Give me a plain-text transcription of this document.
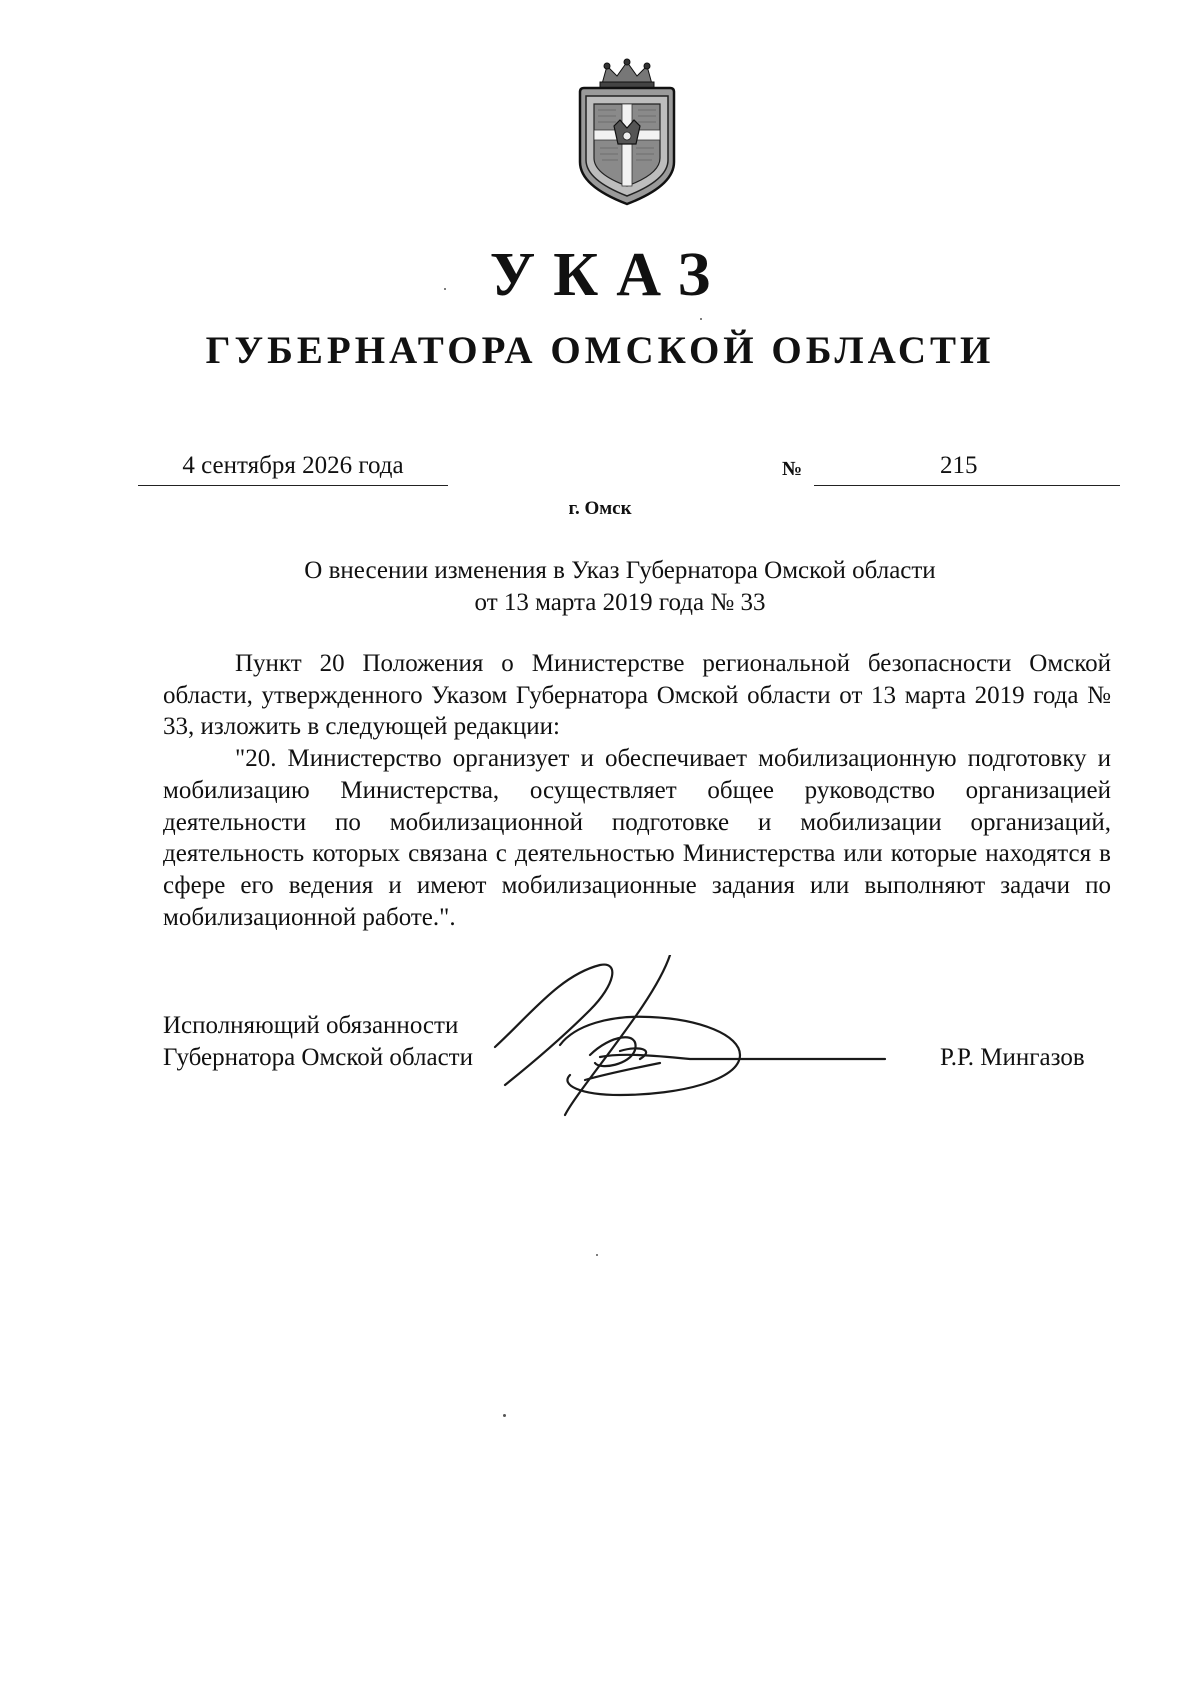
УКАЗ
ГУБЕРНАТОРА ОМСКОЙ ОБЛАСТИ
4 сентября 2026 года	№	215
г. Омск
О внесении изменения в Указ Губернатора Омской области
от 13 марта 2019 года № 33

Пункт 20 Положения о Министерстве региональной безопасности Омской области, утвержденного Указом Губернатора Омской области от 13 марта 2019 года № 33, изложить в следующей редакции:

"20. Министерство организует и обеспечивает мобилизационную подготовку и мобилизацию Министерства, осуществляет общее руководство организацией деятельности по мобилизационной подготовке и мобилизации организаций, деятельность которых связана с деятельностью Министерства или которые находятся в сфере его ведения и имеют мобилизационные задания или выполняют задачи по мобилизационной работе.".

Исполняющий обязанности
Губернатора Омской области	Р.Р. Мингазов
